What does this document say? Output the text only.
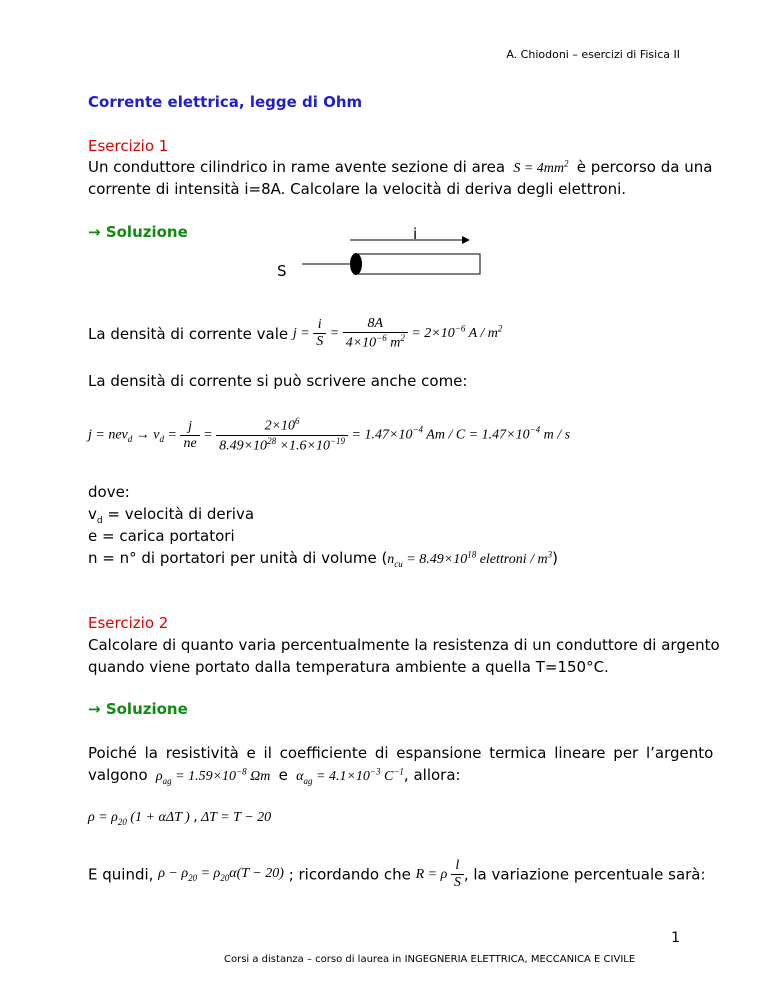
A. Chiodoni – esercizi di Fisica II
Corrente elettrica, legge di Ohm
Esercizio 1
Un conduttore cilindrico in rame avente sezione di area  $S = 4mm^2$ è percorso da una
corrente di intensità i=8A. Calcolare la velocità di deriva degli elettroni.
→ Soluzione	i
S
La densità di corrente vale $j = \frac{i}{S} = \frac{8A}{4\times 10^{-6} m^2} = 2\times 10^{-6}$ A / $m^2$
La densità di corrente si può scrivere anche come:
$j = nev_d \to v_d = \frac{j}{ne} = \frac{2\times 10^6}{8.49\times 10^{28} \times 1.6\times 10^{-19}} = 1.47\times 10^{-4}$ $Am / C = 1.47\times 10^{-4}$ m / s
dove:
$v_d$ = velocità di deriva
e = carica portatori
n = n° di portatori per unità di volume ($n_{cu} = 8.49\times 10^{18}$ elettroni / $m^3$)
Esercizio 2
Calcolare di quanto varia percentualmente la resistenza di un conduttore di argento
quando viene portato dalla temperatura ambiente a quella T=150°C.
→ Soluzione
Poiché la resistività e il coefficiente di espansione termica lineare per l’argento
valgono  $\rho_{ag} = 1.59\times 10^{-8}$ Ωm  e  $\alpha_{ag} = 4.1\times 10^{-3}$ $C^{-1}$, allora:
$\rho = \rho_{20}$ (1 + αΔT ) , ΔT = T − 20
E quindi, $\rho - \rho_{20} = \rho_{20}\alpha(T - 20)$ ; ricordando che R = ρ $\frac{l}{S}$ , la variazione percentuale sarà:
1
Corsi a distanza – corso di laurea in INGEGNERIA ELETTRICA, MECCANICA E CIVILE
